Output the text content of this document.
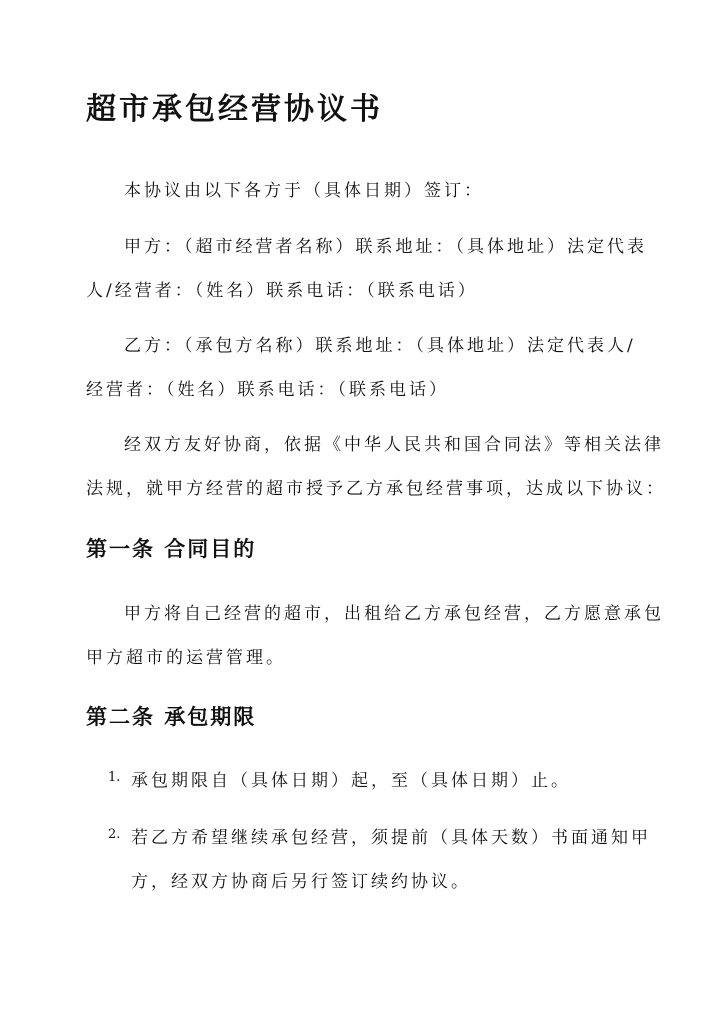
超市承包经营协议书
本协议由以下各方于（具体日期）签订：
甲方：（超市经营者名称）联系地址：（具体地址）法定代表
人/经营者：（姓名）联系电话：（联系电话）
乙方：（承包方名称）联系地址：（具体地址）法定代表人/
经营者：（姓名）联系电话：（联系电话）
经双方友好协商，依据《中华人民共和国合同法》等相关法律
法规，就甲方经营的超市授予乙方承包经营事项，达成以下协议：
第一条 合同目的
甲方将自己经营的超市，出租给乙方承包经营，乙方愿意承包
甲方超市的运营管理。
第二条 承包期限
1. 承包期限自（具体日期）起，至（具体日期）止。
2. 若乙方希望继续承包经营，须提前（具体天数）书面通知甲
方，经双方协商后另行签订续约协议。
